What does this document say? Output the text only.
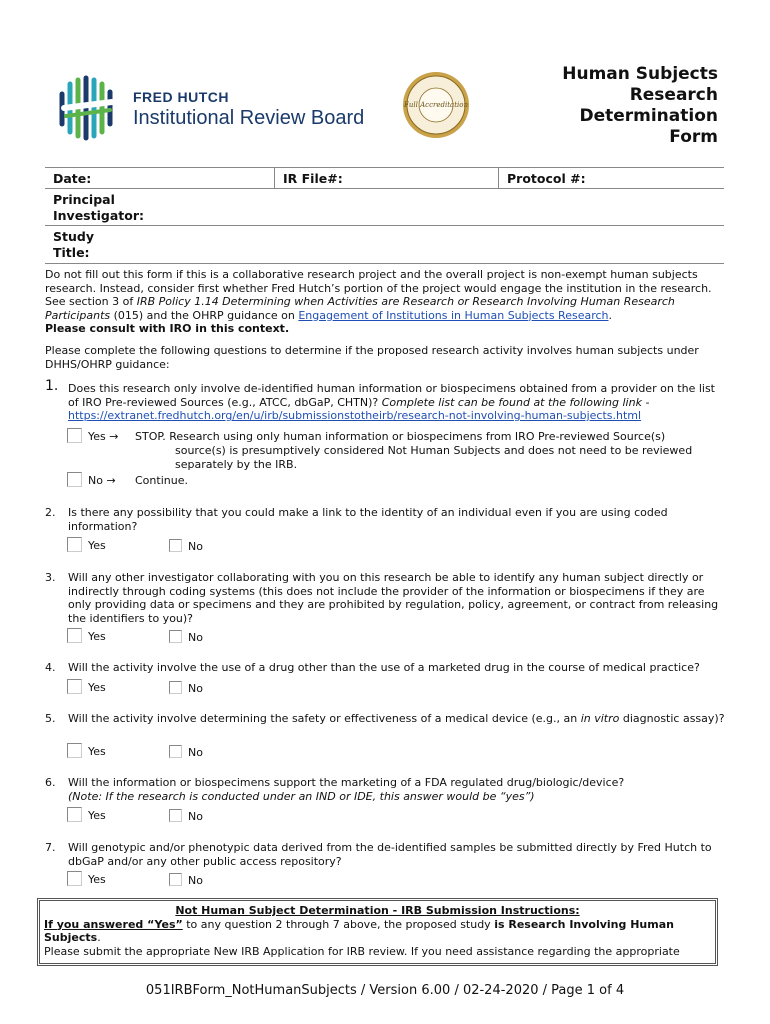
FRED HUTCH
Institutional Review Board
Full Accreditation
Human Subjects
Research
Determination
Form
Date:	IR File#:	Protocol #:
Principal
Investigator:
Study
Title:
Do not fill out this form if this is a collaborative research project and the overall project is non-exempt human subjects research. Instead, consider first whether Fred Hutch’s portion of the project would engage the institution in the research. See section 3 of IRB Policy 1.14 Determining when Activities are Research or Research Involving Human Research Participants (015) and the OHRP guidance on Engagement of Institutions in Human Subjects Research.
Please consult with IRO in this context.
Please complete the following questions to determine if the proposed research activity involves human subjects under DHHS/OHRP guidance:
1. Does this research only involve de-identified human information or biospecimens obtained from a provider on the list of IRO Pre-reviewed Sources (e.g., ATCC, dbGaP, CHTN)? Complete list can be found at the following link -
https://extranet.fredhutch.org/en/u/irb/submissionstotheirb/research-not-involving-human-subjects.html
Yes →	STOP. Research using only human information or biospecimens from IRO Pre-reviewed Source(s)
source(s) is presumptively considered Not Human Subjects and does not need to be reviewed
separately by the IRB.
No →	Continue.
2. Is there any possibility that you could make a link to the identity of an individual even if you are using coded information?
Yes	No
3. Will any other investigator collaborating with you on this research be able to identify any human subject directly or indirectly through coding systems (this does not include the provider of the information or biospecimens if they are only providing data or specimens and they are prohibited by regulation, policy, agreement, or contract from releasing the identifiers to you)?
Yes	No
4. Will the activity involve the use of a drug other than the use of a marketed drug in the course of medical practice?
Yes	No
5. Will the activity involve determining the safety or effectiveness of a medical device (e.g., an in vitro diagnostic assay)?
Yes	No
6. Will the information or biospecimens support the marketing of a FDA regulated drug/biologic/device?
(Note: If the research is conducted under an IND or IDE, this answer would be “yes”)
Yes	No
7. Will genotypic and/or phenotypic data derived from the de-identified samples be submitted directly by Fred Hutch to dbGaP and/or any other public access repository?
Yes	No
Not Human Subject Determination - IRB Submission Instructions:
If you answered “Yes” to any question 2 through 7 above, the proposed study is Research Involving Human Subjects.
Please submit the appropriate New IRB Application for IRB review. If you need assistance regarding the appropriate
051IRBForm_NotHumanSubjects / Version 6.00 / 02-24-2020 / Page 1 of 4
